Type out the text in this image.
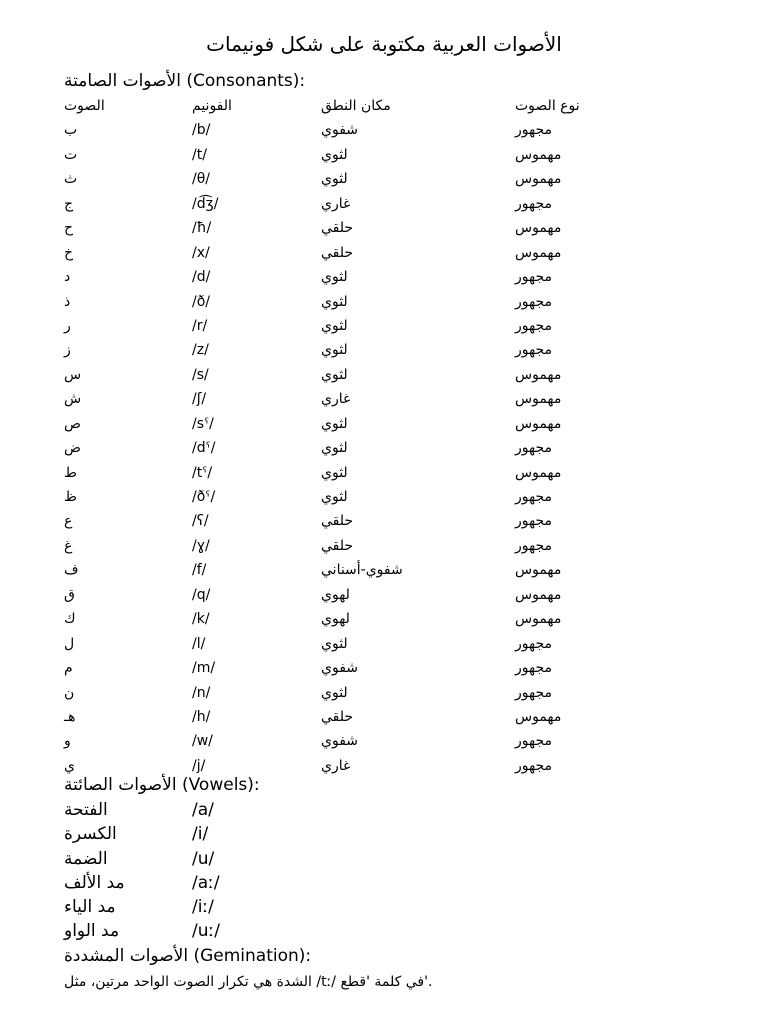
الأصوات العربية مكتوبة على شكل فونيمات
الأصوات الصامتة (Consonants):
الصوت	الفونيم	مكان النطق	نوع الصوت
ب	/b/	شفوي	مجهور
ت	/t/	لثوي	مهموس
ث	/θ/	لثوي	مهموس
ج	/d͡ʒ/	غاري	مجهور
ح	/ħ/	حلقي	مهموس
خ	/x/	حلقي	مهموس
د	/d/	لثوي	مجهور
ذ	/ð/	لثوي	مجهور
ر	/r/	لثوي	مجهور
ز	/z/	لثوي	مجهور
س	/s/	لثوي	مهموس
ش	/ʃ/	غاري	مهموس
ص	/sˤ/	لثوي	مهموس
ض	/dˤ/	لثوي	مجهور
ط	/tˤ/	لثوي	مهموس
ظ	/ðˤ/	لثوي	مجهور
ع	/ʕ/	حلقي	مجهور
غ	/ɣ/	حلقي	مجهور
ف	/f/	شفوي-أسناني	مهموس
ق	/q/	لهوي	مهموس
ك	/k/	لهوي	مهموس
ل	/l/	لثوي	مجهور
م	/m/	شفوي	مجهور
ن	/n/	لثوي	مجهور
هـ	/h/	حلقي	مهموس
و	/w/	شفوي	مجهور
ي	/j/	غاري	مجهور
الأصوات الصائتة (Vowels):
الفتحة	/a/
الكسرة	/i/
الضمة	/u/
مد الألف	/aː/
مد الياء	/iː/
مد الواو	/uː/
الأصوات المشددة (Gemination):
الشدة هي تكرار الصوت الواحد مرتين، مثل /tː/ في كلمة 'قطع'.
